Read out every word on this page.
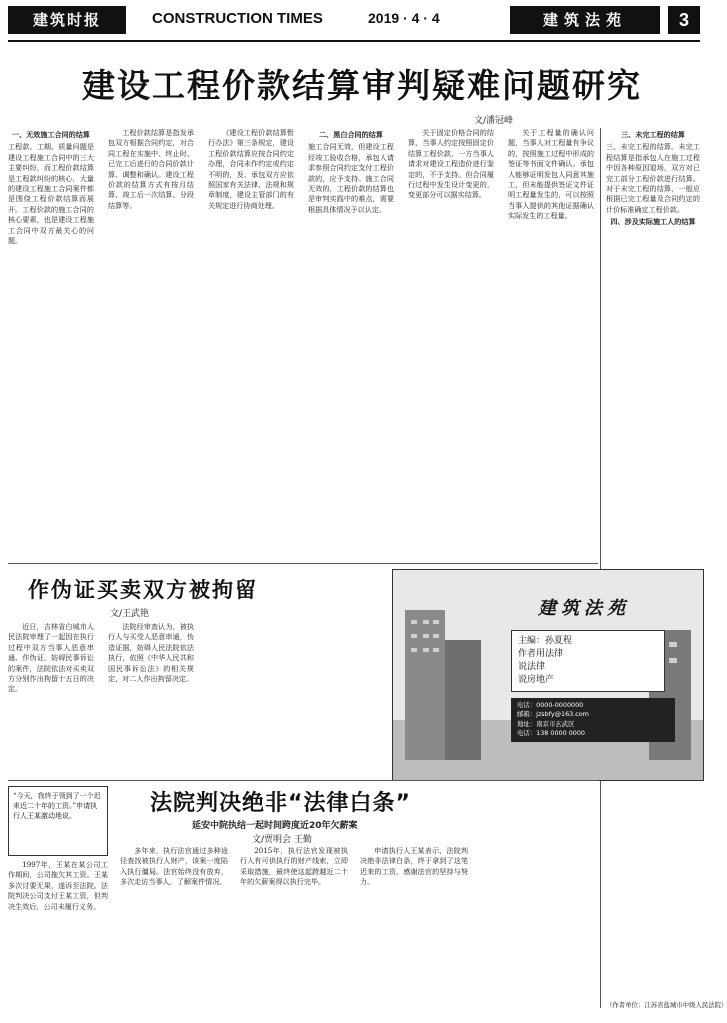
建筑时报	CONSTRUCTION TIMES	2019 · 4 · 4	建筑法苑	3
建设工程价款结算审判疑难问题研究
文/潘冠峰
一、无效施工合同的结算
工程款、工期、质量问题是建设工程施工合同中的三大主要纠纷，而工程价款结算是工程款纠纷的核心，大量的建设工程施工合同案件都是围绕工程价款结算而展开。工程价款的施工合同的核心要素，也是建设工程施工合同中双方最关心的问题。
工程价款结算是指发承包双方根据合同约定，对合同工程在实施中、终止时、已完工后进行的合同价款计算、调整和确认。建设工程价款的结算方式有按月结算、竣工后一次结算、分段结算等。
《建设工程价款结算暂行办法》第三条规定，建设工程价款结算应按合同约定办理，合同未作约定或约定不明的，发、承包双方应依照国家有关法律、法规和规章制度，建设主管部门的有关规定进行协商处理。
二、黑白合同的结算
施工合同无效，但建设工程经竣工验收合格，承包人请求参照合同约定支付工程价款的，应予支持。施工合同无效的，工程价款的结算也是审判实践中的难点，需要根据具体情况予以认定。
关于固定价格合同的结算，当事人约定按照固定价结算工程价款，一方当事人请求对建设工程造价进行鉴定的，不予支持。但合同履行过程中发生设计变更的，变更部分可以据实结算。
关于工程量的确认问题，当事人对工程量有争议的，按照施工过程中形成的签证等书面文件确认。承包人能够证明发包人同意其施工，但未能提供签证文件证明工程量发生的，可以按照当事人提供的其他证据确认实际发生的工程量。
三、未完工程的结算
三、未完工程的结算。未完工程结算是指承包人在施工过程中因各种原因退场，双方对已完工部分工程价款进行结算。对于未完工程的结算，一般应根据已完工程量及合同约定的计价标准确定工程价款。
四、涉及实际施工人的结算
（作者单位：江苏省盐城市中级人民法院）
作伪证买卖双方被拘留
文/王武艳
近日，吉林省白城市人民法院审理了一起因在执行过程中双方当事人恶意串通、作伪证，妨碍民事诉讼的案件，法院依法对买卖双方分别作出拘留十五日的决定。
法院经审查认为，被执行人与买受人恶意串通，伪造证据，妨碍人民法院依法执行，依照《中华人民共和国民事诉讼法》的相关规定，对二人作出拘留决定。
建筑法苑
主编：孙夏程
作者用法律
说法律
说房地产
电话：0000-0000000
邮箱：jzsbfy@163.com
地址：南京市玄武区
电话：138 0000 0000
“今天，我终于领到了一个迟来近二十年的工资。”申请执行人王某激动地说。	法院判决绝非“法律白条”
延安中院执结一起时间跨度近20年欠薪案
文/贾明会 王勤
1997年，王某在某公司工作期间，公司拖欠其工资。王某多次讨要无果，遂诉至法院。法院判决公司支付王某工资，但判决生效后，公司未履行义务。
多年来，执行法官通过多种途径查找被执行人财产，该案一度陷入执行僵局。法官始终没有放弃，多次走访当事人，了解案件情况。
2015年，执行法官发现被执行人有可供执行的财产线索，立即采取措施，最终使这起跨越近二十年的欠薪案得以执行完毕。
申请执行人王某表示，法院判决绝非法律白条，终于拿到了这笔迟来的工资，感谢法官的坚持与努力。
